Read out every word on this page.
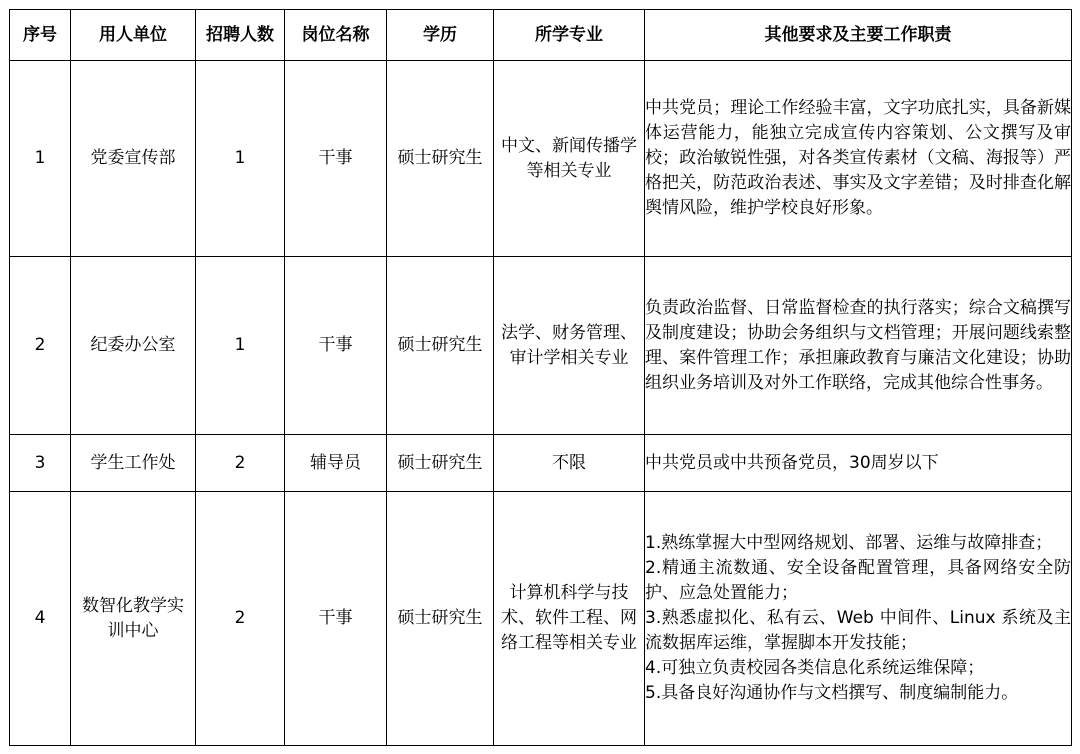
序号	用人单位	招聘人数	岗位名称	学历	所学专业	其他要求及主要工作职责
1	党委宣传部	1	干事	硕士研究生	中文、新闻传播学等相关专业	中共党员；理论工作经验丰富，文字功底扎实，具备新媒体运营能力，能独立完成宣传内容策划、公文撰写及审校；政治敏锐性强，对各类宣传素材（文稿、海报等）严格把关，防范政治表述、事实及文字差错；及时排查化解舆情风险，维护学校良好形象。

2	纪委办公室	1	干事	硕士研究生	法学、财务管理、审计学相关专业	负责政治监督、日常监督检查的执行落实；综合文稿撰写及制度建设；协助会务组织与文档管理；开展问题线索整理、案件管理工作；承担廉政教育与廉洁文化建设；协助组织业务培训及对外工作联络，完成其他综合性事务。

3	学生工作处	2	辅导员	硕士研究生	不限	中共党员或中共预备党员，30周岁以下

4	数智化教学实训中心	2	干事	硕士研究生	计算机科学与技术、软件工程、网络工程等相关专业	1.熟练掌握大中型网络规划、部署、运维与故障排查；
2.精通主流数通、安全设备配置管理，具备网络安全防护、应急处置能力；
3.熟悉虚拟化、私有云、Web 中间件、Linux 系统及主流数据库运维，掌握脚本开发技能；
4.可独立负责校园各类信息化系统运维保障；
5.具备良好沟通协作与文档撰写、制度编制能力。
